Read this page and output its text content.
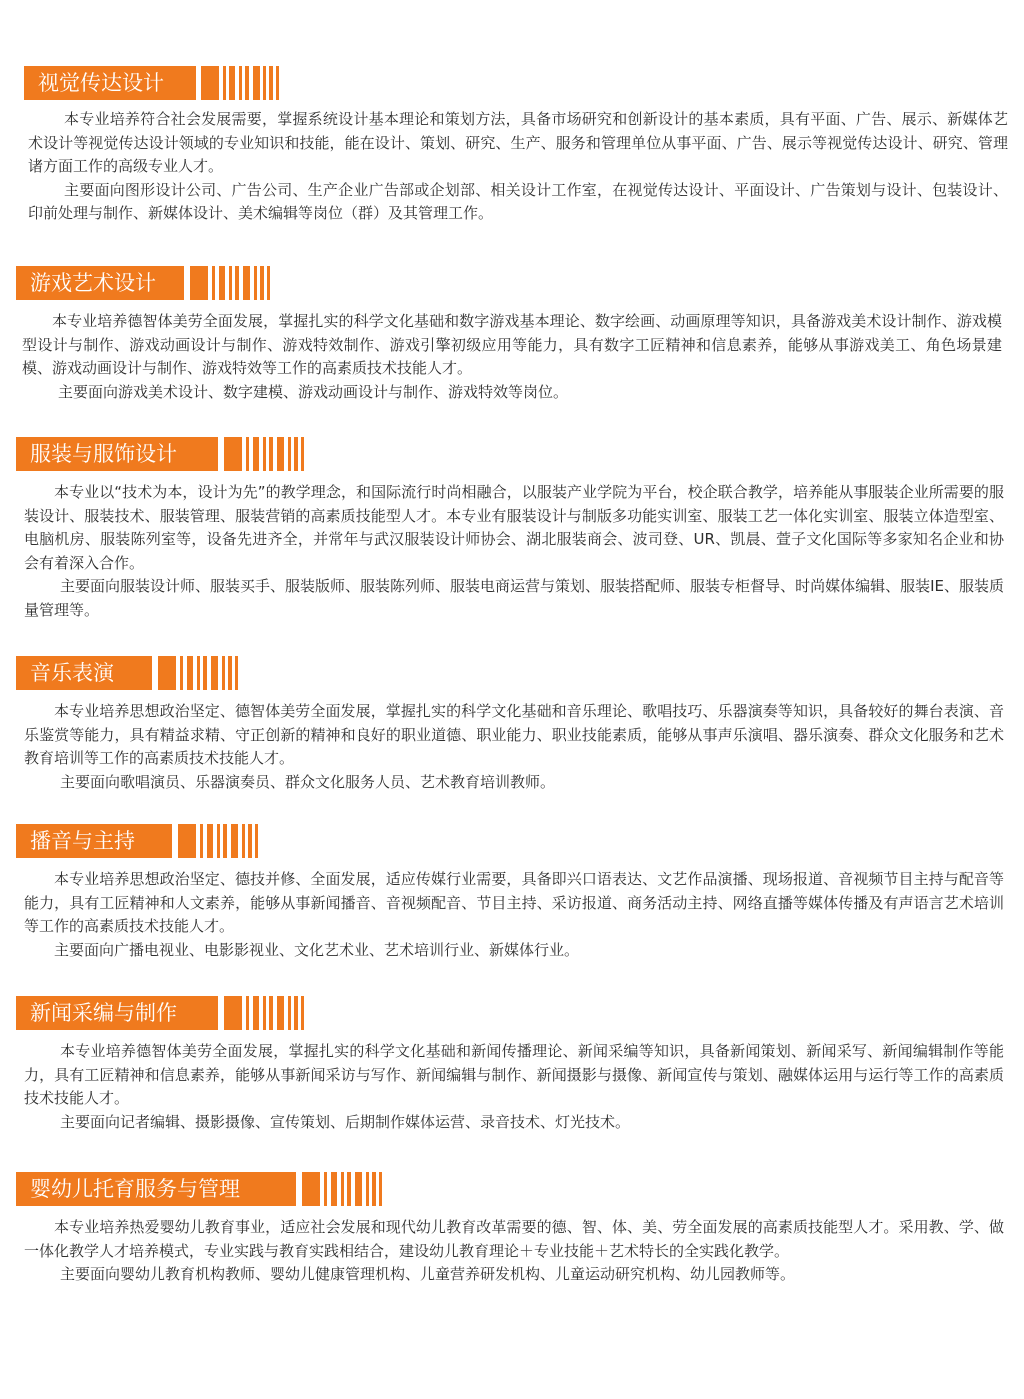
视觉传达设计

本专业培养符合社会发展需要，掌握系统设计基本理论和策划方法，具备市场研究和创新设计的基本素质，具有平面、广告、展示、新媒体艺术设计等视觉传达设计领域的专业知识和技能，能在设计、策划、研究、生产、服务和管理单位从事平面、广告、展示等视觉传达设计、研究、管理诸方面工作的高级专业人才。

主要面向图形设计公司、广告公司、生产企业广告部或企划部、相关设计工作室，在视觉传达设计、平面设计、广告策划与设计、包装设计、印前处理与制作、新媒体设计、美术编辑等岗位（群）及其管理工作。

游戏艺术设计

本专业培养德智体美劳全面发展，掌握扎实的科学文化基础和数字游戏基本理论、数字绘画、动画原理等知识，具备游戏美术设计制作、游戏模型设计与制作、游戏动画设计与制作、游戏特效制作、游戏引擎初级应用等能力，具有数字工匠精神和信息素养，能够从事游戏美工、角色场景建模、游戏动画设计与制作、游戏特效等工作的高素质技术技能人才。

主要面向游戏美术设计、数字建模、游戏动画设计与制作、游戏特效等岗位。

服装与服饰设计

本专业以“技术为本，设计为先”的教学理念，和国际流行时尚相融合，以服装产业学院为平台，校企联合教学，培养能从事服装企业所需要的服装设计、服装技术、服装管理、服装营销的高素质技能型人才。本专业有服装设计与制版多功能实训室、服装工艺一体化实训室、服装立体造型室、电脑机房、服装陈列室等，设备先进齐全，并常年与武汉服装设计师协会、湖北服装商会、波司登、UR、凯晨、萱子文化国际等多家知名企业和协会有着深入合作。

主要面向服装设计师、服装买手、服装版师、服装陈列师、服装电商运营与策划、服装搭配师、服装专柜督导、时尚媒体编辑、服装IE、服装质量管理等。

音乐表演

本专业培养思想政治坚定、德智体美劳全面发展，掌握扎实的科学文化基础和音乐理论、歌唱技巧、乐器演奏等知识，具备较好的舞台表演、音乐鉴赏等能力，具有精益求精、守正创新的精神和良好的职业道德、职业能力、职业技能素质，能够从事声乐演唱、器乐演奏、群众文化服务和艺术教育培训等工作的高素质技术技能人才。

主要面向歌唱演员、乐器演奏员、群众文化服务人员、艺术教育培训教师。

播音与主持

本专业培养思想政治坚定、德技并修、全面发展，适应传媒行业需要，具备即兴口语表达、文艺作品演播、现场报道、音视频节目主持与配音等能力，具有工匠精神和人文素养，能够从事新闻播音、音视频配音、节目主持、采访报道、商务活动主持、网络直播等媒体传播及有声语言艺术培训等工作的高素质技术技能人才。

主要面向广播电视业、电影影视业、文化艺术业、艺术培训行业、新媒体行业。

新闻采编与制作

本专业培养德智体美劳全面发展，掌握扎实的科学文化基础和新闻传播理论、新闻采编等知识，具备新闻策划、新闻采写、新闻编辑制作等能力，具有工匠精神和信息素养，能够从事新闻采访与写作、新闻编辑与制作、新闻摄影与摄像、新闻宣传与策划、融媒体运用与运行等工作的高素质技术技能人才。

主要面向记者编辑、摄影摄像、宣传策划、后期制作媒体运营、录音技术、灯光技术。

婴幼儿托育服务与管理

本专业培养热爱婴幼儿教育事业，适应社会发展和现代幼儿教育改革需要的德、智、体、美、劳全面发展的高素质技能型人才。采用教、学、做一体化教学人才培养模式，专业实践与教育实践相结合，建设幼儿教育理论＋专业技能＋艺术特长的全实践化教学。

主要面向婴幼儿教育机构教师、婴幼儿健康管理机构、儿童营养研发机构、儿童运动研究机构、幼儿园教师等。
